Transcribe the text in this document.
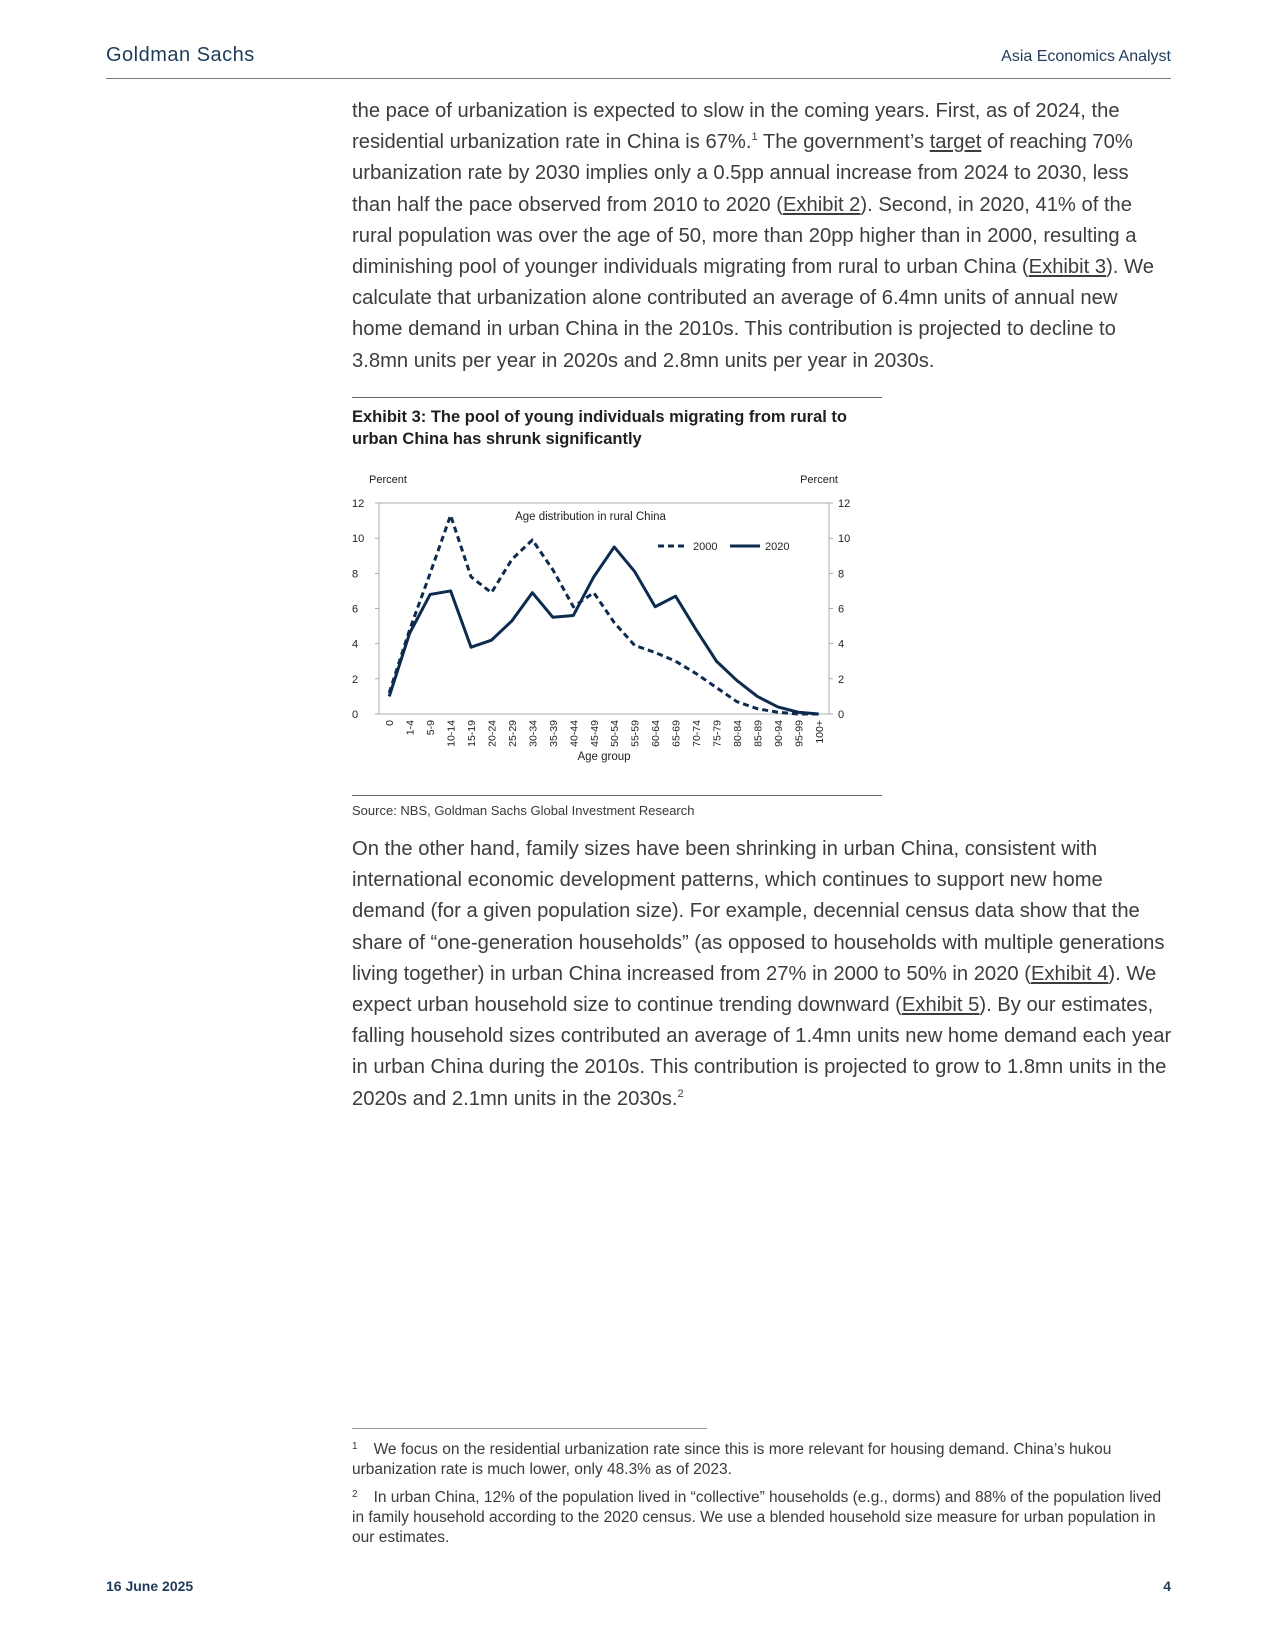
Goldman Sachs	Asia Economics Analyst

the pace of urbanization is expected to slow in the coming years. First, as of 2024, the residential urbanization rate in China is 67%.$^1$ The government’s target of reaching 70% urbanization rate by 2030 implies only a 0.5pp annual increase from 2024 to 2030, less than half the pace observed from 2010 to 2020 (Exhibit 2). Second, in 2020, 41% of the rural population was over the age of 50, more than 20pp higher than in 2000, resulting a diminishing pool of younger individuals migrating from rural to urban China (Exhibit 3). We calculate that urbanization alone contributed an average of 6.4mn units of annual new home demand in urban China in the 2010s. This contribution is projected to decline to 3.8mn units per year in 2020s and 2.8mn units per year in 2030s.

Exhibit 3: The pool of young individuals migrating from rural to urban China has shrunk significantly
Percent	Percent
Age distribution in rural China
0	0
2	2
4	4
6	6
8	8
10	10
12	12
0 1-4 5-9 10-14 15-19 20-24 25-29 30-34 35-39 40-44 45-49 50-54 55-59 60-64 65-69 70-74 75-79 80-84 85-89 90-94 95-99 100+
2000	2020
Age group
Source: NBS, Goldman Sachs Global Investment Research

On the other hand, family sizes have been shrinking in urban China, consistent with international economic development patterns, which continues to support new home demand (for a given population size). For example, decennial census data show that the share of “one-generation households” (as opposed to households with multiple generations living together) in urban China increased from 27% in 2000 to 50% in 2020 (Exhibit 4). We expect urban household size to continue trending downward (Exhibit 5). By our estimates, falling household sizes contributed an average of 1.4mn units new home demand each year in urban China during the 2010s. This contribution is projected to grow to 1.8mn units in the 2020s and 2.1mn units in the 2030s.$^2$

$^1$ We focus on the residential urbanization rate since this is more relevant for housing demand. China’s hukou urbanization rate is much lower, only 48.3% as of 2023.

$^2$ In urban China, 12% of the population lived in “collective” households (e.g., dorms) and 88% of the population lived in family household according to the 2020 census. We use a blended household size measure for urban population in our estimates.

16 June 2025	4
